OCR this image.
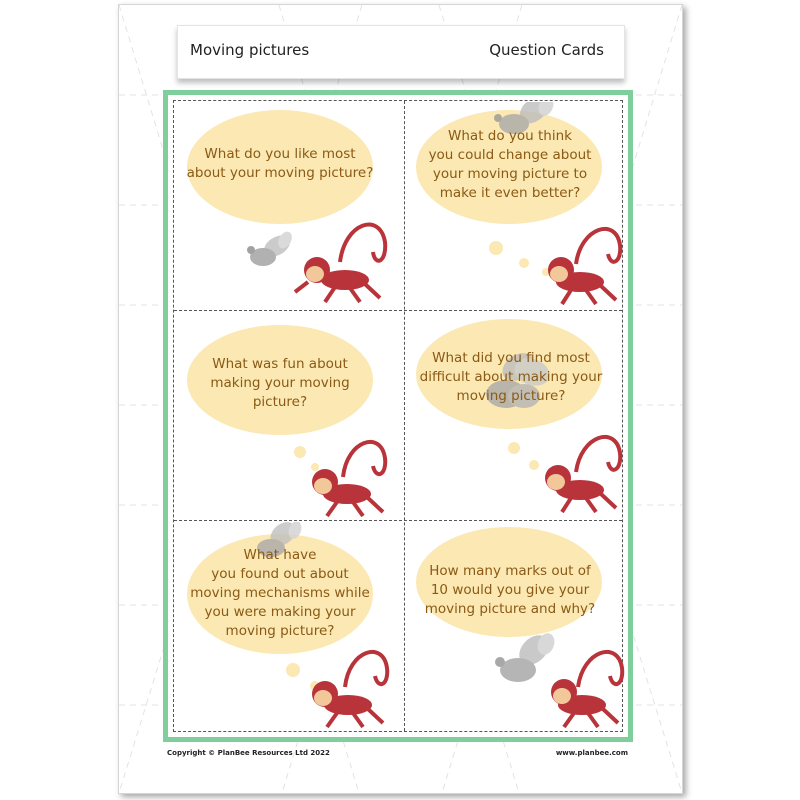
Moving pictures	Question Cards
What do you like most
about your moving picture?
What do you think
you could change about
your moving picture to
make it even better?
What was fun about
making your moving
picture?
What did you find most
difficult about making your
moving picture?
What have
you found out about
moving mechanisms while
you were making your
moving picture?
How many marks out of
10 would you give your
moving picture and why?
Copyright © PlanBee Resources Ltd 2022	www.planbee.com
